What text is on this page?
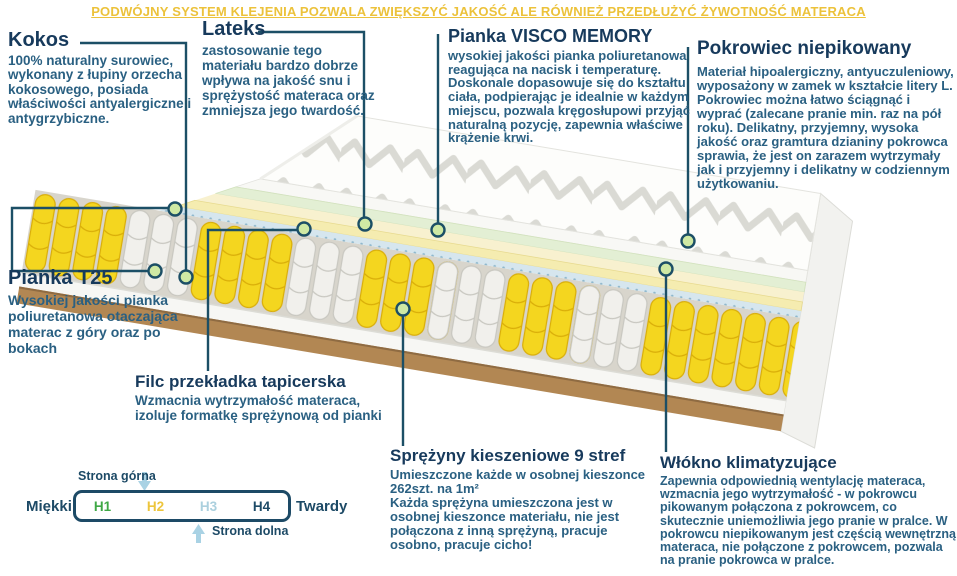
PODWÓJNY SYSTEM KLEJENIA POZWALA ZWIĘKSZYĆ JAKOŚĆ ALE RÓWNIEŻ PRZEDŁUŻYĆ ŻYWOTNOŚĆ MATERACA

Kokos

100% naturalny surowiec, wykonany z łupiny orzecha kokosowego, posiada właściwości antyalergiczne i antygrzybiczne.

Lateks

zastosowanie tego materiału bardzo dobrze wpływa na jakość snu i sprężystość materaca oraz zmniejsza jego twardość.

Pianka VISCO MEMORY

wysokiej jakości pianka poliuretanowa reagująca na nacisk i temperaturę. Doskonale dopasowuje się do kształtu ciała, podpierając je idealnie w każdym miejscu, pozwala kręgosłupowi przyjąć naturalną pozycję, zapewnia właściwe krążenie krwi.

Pokrowiec niepikowany

Materiał hipoalergiczny, antyuczuleniowy, wyposażony w zamek w kształcie litery L. Pokrowiec można łatwo ściągnąć i wyprać (zalecane pranie min. raz na pół roku). Delikatny, przyjemny, wysoka jakość oraz gramtura dzianiny pokrowca sprawia, że jest on zarazem wytrzymały jak i przyjemny i delikatny w codziennym użytkowaniu.

Pianka T25

Wysokiej jakości pianka poliuretanowa otaczająca materac z góry oraz po bokach

Filc przekładka tapicerska

Wzmacnia wytrzymałość materaca, izoluje formatkę sprężynową od pianki

Sprężyny kieszeniowe 9 stref

Umieszczone każde w osobnej kieszonce 262szt. na 1m²

Każda sprężyna umieszczona jest w osobnej kieszonce materiału, nie jest połączona z inną sprężyną, pracuje osobno, pracuje cicho!

Włókno klimatyzujące

Zapewnia odpowiednią wentylację materaca, wzmacnia jego wytrzymałość - w pokrowcu pikowanym połączona z pokrowcem, co skutecznie uniemożliwia jego pranie w pralce. W pokrowcu niepikowanym jest częścią wewnętrzną materaca, nie połączone z pokrowcem, pozwala na pranie pokrowca w pralce.

Strona górna
Miękki H1	H2	H3	H4 Twardy
Strona dolna
